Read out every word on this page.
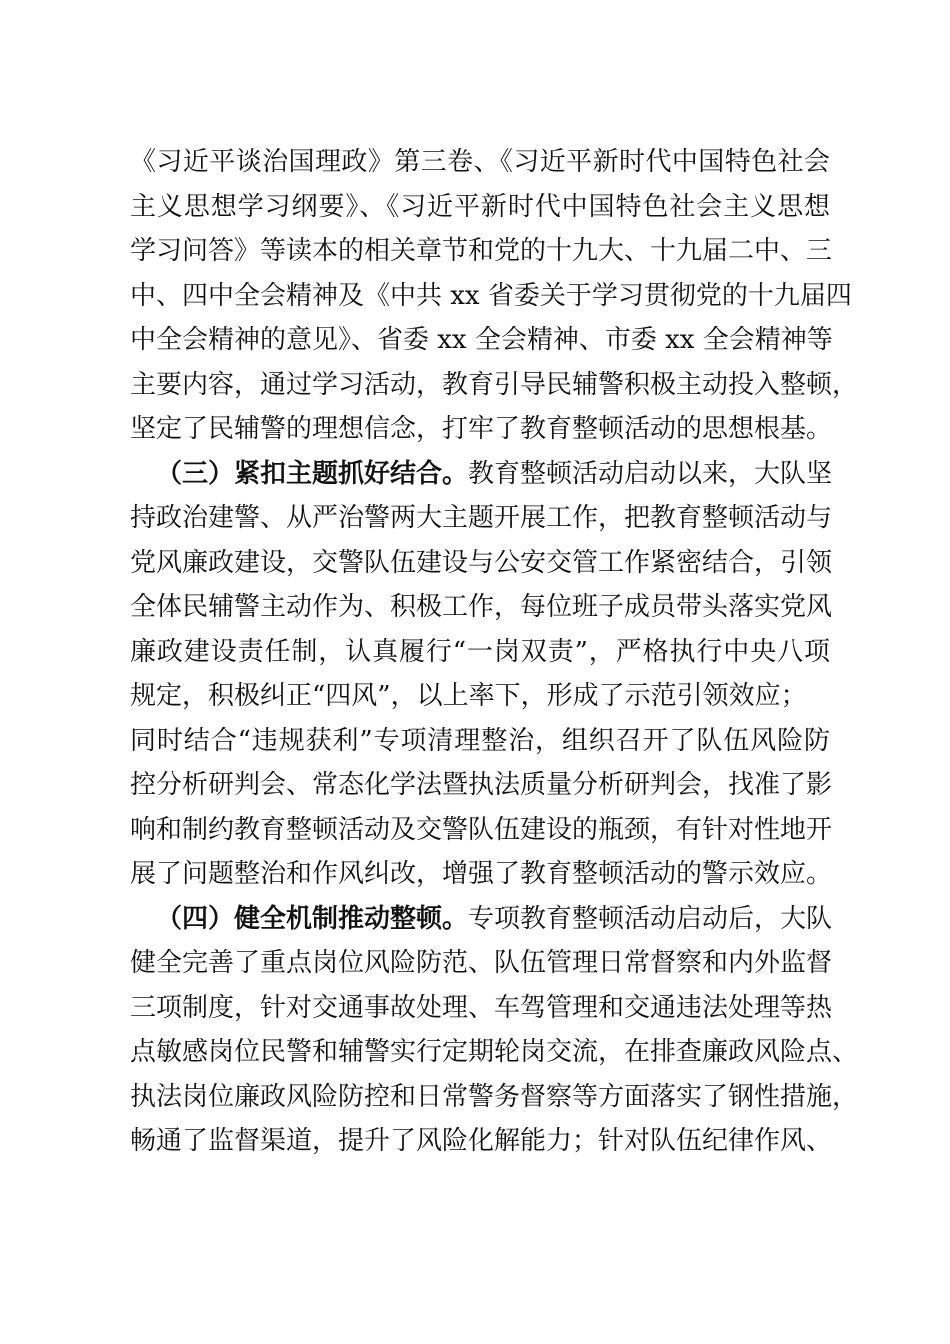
《习近平谈治国理政》第三卷、《习近平新时代中国特色社会
主义思想学习纲要》、《习近平新时代中国特色社会主义思想
学习问答》等读本的相关章节和党的十九大、十九届二中、三
中、四中全会精神及《中共 xx 省委关于学习贯彻党的十九届四
中全会精神的意见》、省委 xx 全会精神、市委 xx 全会精神等
主要内容，通过学习活动，教育引导民辅警积极主动投入整顿，
坚定了民辅警的理想信念，打牢了教育整顿活动的思想根基。
（三）紧扣主题抓好结合。教育整顿活动启动以来，大队坚
持政治建警、从严治警两大主题开展工作，把教育整顿活动与
党风廉政建设，交警队伍建设与公安交管工作紧密结合，引领
全体民辅警主动作为、积极工作，每位班子成员带头落实党风
廉政建设责任制，认真履行“一岗双责”，严格执行中央八项
规定，积极纠正“四风”，以上率下，形成了示范引领效应；
同时结合“违规获利”专项清理整治，组织召开了队伍风险防
控分析研判会、常态化学法暨执法质量分析研判会，找准了影
响和制约教育整顿活动及交警队伍建设的瓶颈，有针对性地开
展了问题整治和作风纠改，增强了教育整顿活动的警示效应。
（四）健全机制推动整顿。专项教育整顿活动启动后，大队
健全完善了重点岗位风险防范、队伍管理日常督察和内外监督
三项制度，针对交通事故处理、车驾管理和交通违法处理等热
点敏感岗位民警和辅警实行定期轮岗交流，在排查廉政风险点、
执法岗位廉政风险防控和日常警务督察等方面落实了钢性措施，
畅通了监督渠道，提升了风险化解能力；针对队伍纪律作风、
